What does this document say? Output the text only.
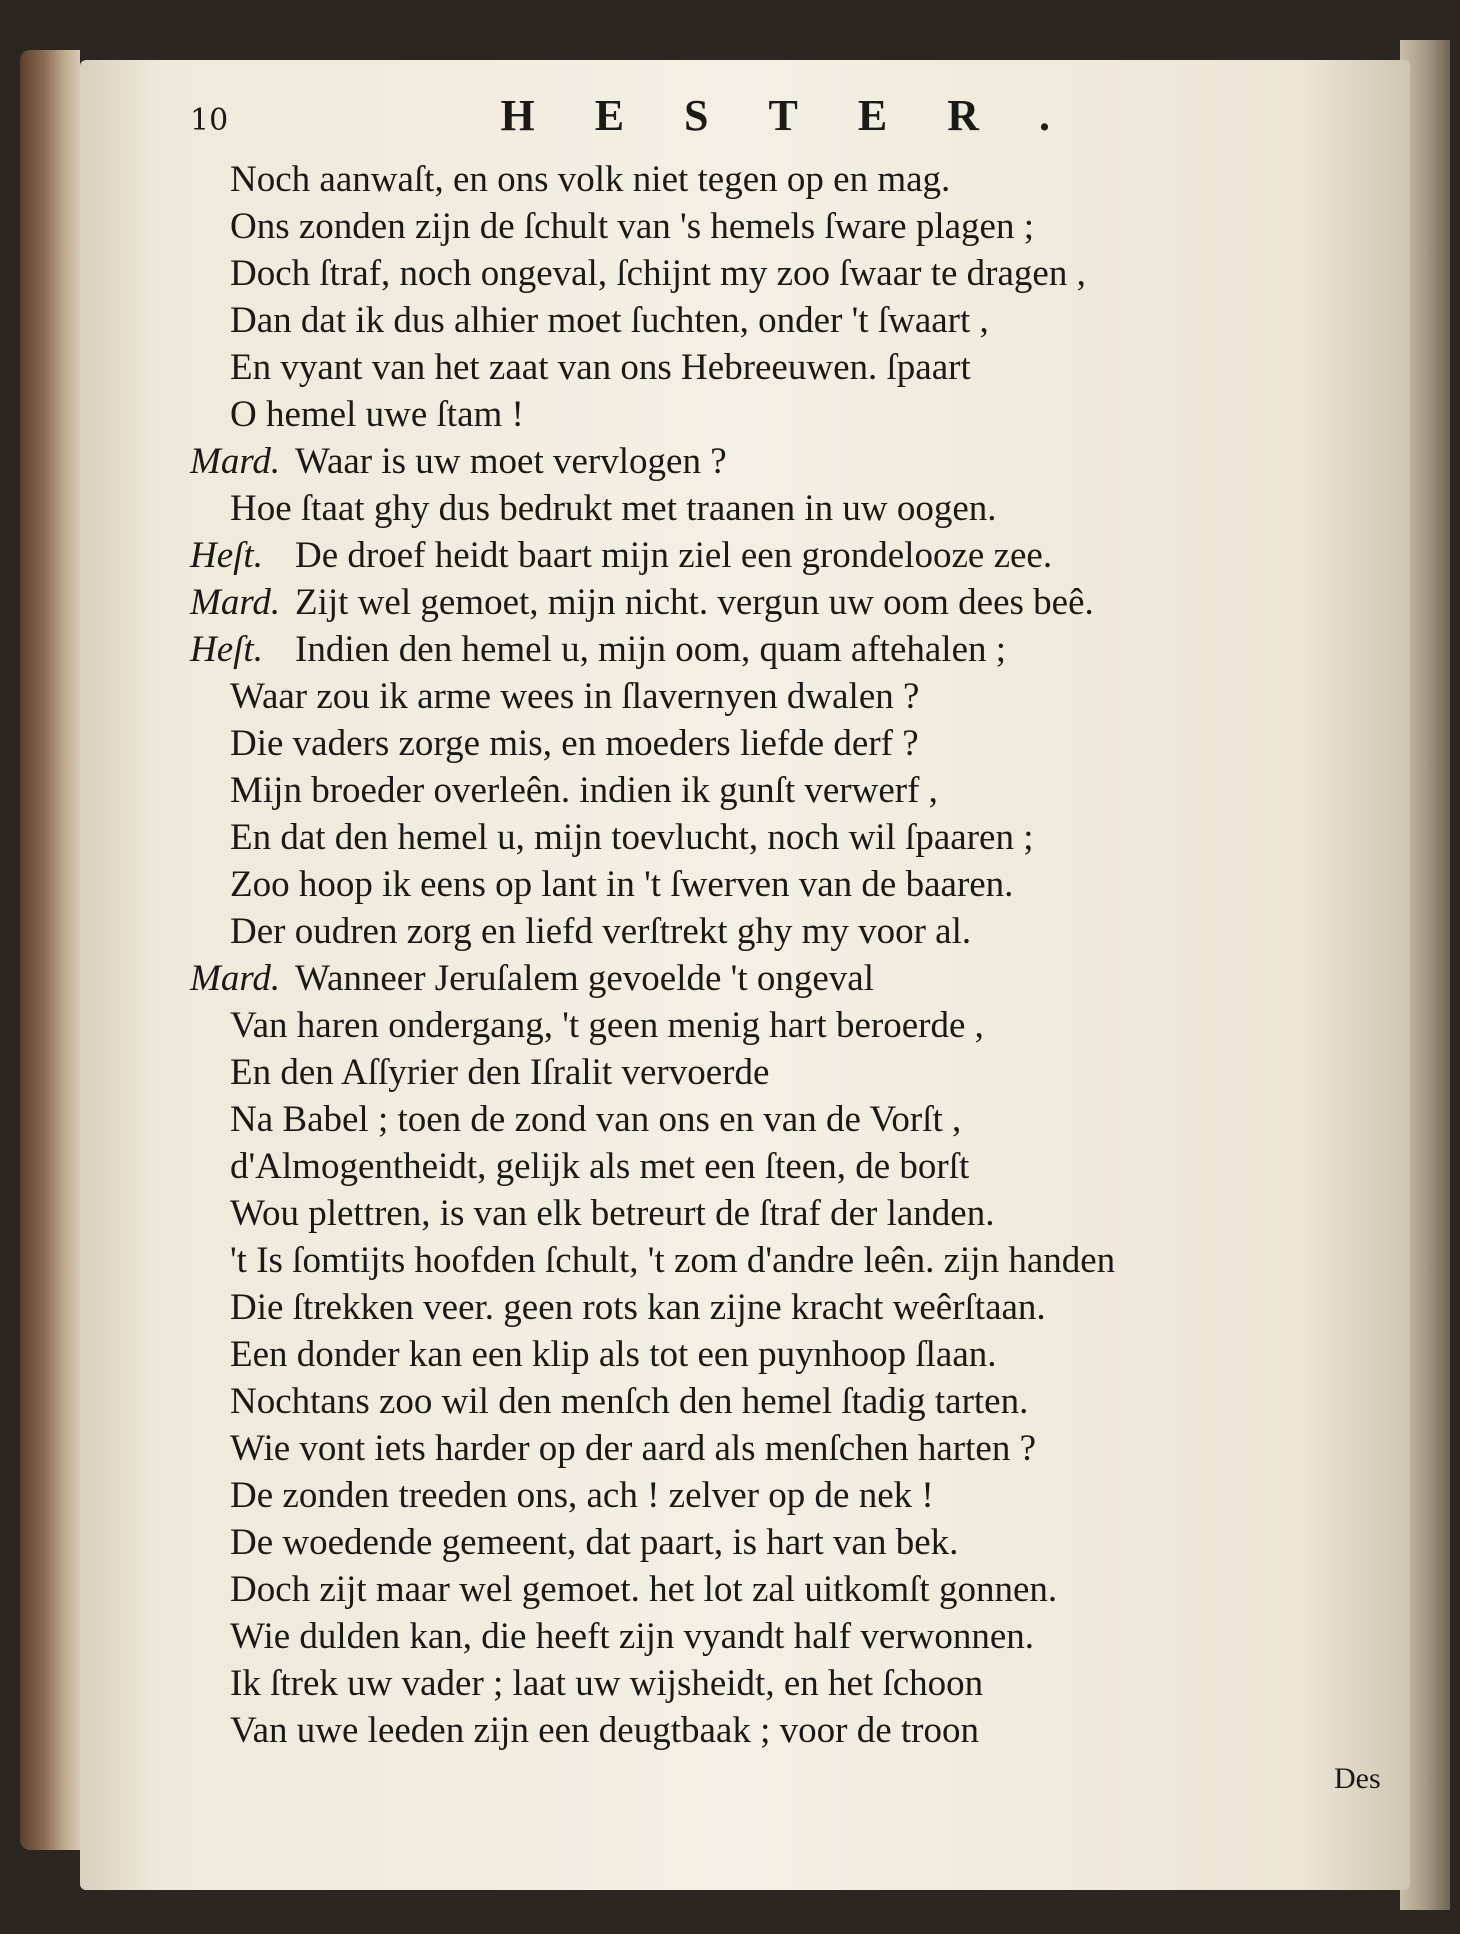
10	HESTER.
Noch aanwaſt, en ons volk niet tegen op en mag.
Ons zonden zijn de ſchult van 's hemels ſware plagen ;
Doch ſtraf, noch ongeval, ſchijnt my zoo ſwaar te dragen ,
Dan dat ik dus alhier moet ſuchten, onder 't ſwaart ,
En vyant van het zaat van ons Hebreeuwen. ſpaart
O hemel uwe ſtam !
Mard. Waar is uw moet vervlogen ?
Hoe ſtaat ghy dus bedrukt met traanen in uw oogen.
Heſt. De droef heidt baart mijn ziel een grondelooze zee.
Mard. Zijt wel gemoet, mijn nicht. vergun uw oom dees beê.
Heſt. Indien den hemel u, mijn oom, quam aftehalen ;
Waar zou ik arme wees in ſlavernyen dwalen ?
Die vaders zorge mis, en moeders liefde derf ?
Mijn broeder overleên. indien ik gunſt verwerf ,
En dat den hemel u, mijn toevlucht, noch wil ſpaaren ;
Zoo hoop ik eens op lant in 't ſwerven van de baaren.
Der oudren zorg en liefd verſtrekt ghy my voor al.
Mard. Wanneer Jeruſalem gevoelde 't ongeval
Van haren ondergang, 't geen menig hart beroerde ,
En den Aſſyrier den Iſralit vervoerde
Na Babel ; toen de zond van ons en van de Vorſt ,
d'Almogentheidt, gelijk als met een ſteen, de borſt
Wou plettren, is van elk betreurt de ſtraf der landen.
't Is ſomtijts hoofden ſchult, 't zom d'andre leên. zijn handen
Die ſtrekken veer. geen rots kan zijne kracht weêrſtaan.
Een donder kan een klip als tot een puynhoop ſlaan.
Nochtans zoo wil den menſch den hemel ſtadig tarten.
Wie vont iets harder op der aard als menſchen harten ?
De zonden treeden ons, ach ! zelver op de nek !
De woedende gemeent, dat paart, is hart van bek.
Doch zijt maar wel gemoet. het lot zal uitkomſt gonnen.
Wie dulden kan, die heeft zijn vyandt half verwonnen.
Ik ſtrek uw vader ; laat uw wijsheidt, en het ſchoon
Van uwe leeden zijn een deugtbaak ; voor de troon
Des
